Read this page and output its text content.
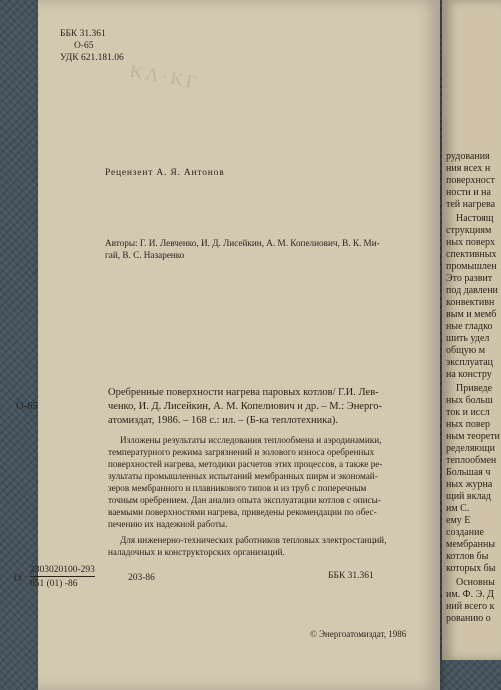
ΚΛ·ΚΓ
ББК 31.361
О-65
УДК 621.181.06
Рецензент А. Я. Антонов
Авторы: Г. И. Левченко, И. Д. Лисейкин, А. М. Копелиович, В. К. Ми-
гай, В. С. Назаренко
Оребренные поверхности нагрева паровых котлов/ Г.И. Лев-
О-65	ченко, И. Д. Лисейкин, А. М. Копелиович и др. – М.: Энерго-
атомиздат, 1986. – 168 с.: ил. – (Б-ка теплотехника).
Изложены результаты исследования теплообмена и аэродинамики,
температурного режима загрязнений и золового износа оребренных
поверхностей нагрева, методики расчетов этих процессов, а также ре-
зультаты промышленных испытаний мембранных ширм и экономай-
зеров мембранного и плавникового типов и из труб с поперечным
точным оребрением. Дан анализ опыта эксплуатации котлов с описы-
ваемыми поверхностями нагрева, приведены рекомендации по обес-
печению их надежной работы.
Для инженерно-технических работников тепловых электростанций,
наладочных и конструкторских организаций.
О
2303020100-293
051 (01) -86
203-86	ББК 31.361
© Энергоатомиздат, 1986
рудования
ния всех н
поверхност
ности и на
тей нагрева
Настоящ
струкциям
ных поверх
спективных
промышлен
Это развит
под давлени
конвективн
вым и мемб
ные гладко
шить удел
общую м
эксплуатац
на констру
Приведе
ных больш
ток и иссл
ных повер
ным теорети
ределяющи
теплообмен
Большая ч
ных журна
щий вклад
им С.
ему Е
создание
мембранны
котлов бы
которых бы
Основны
им. Ф. Э. Д
ний всего к
рованию о
